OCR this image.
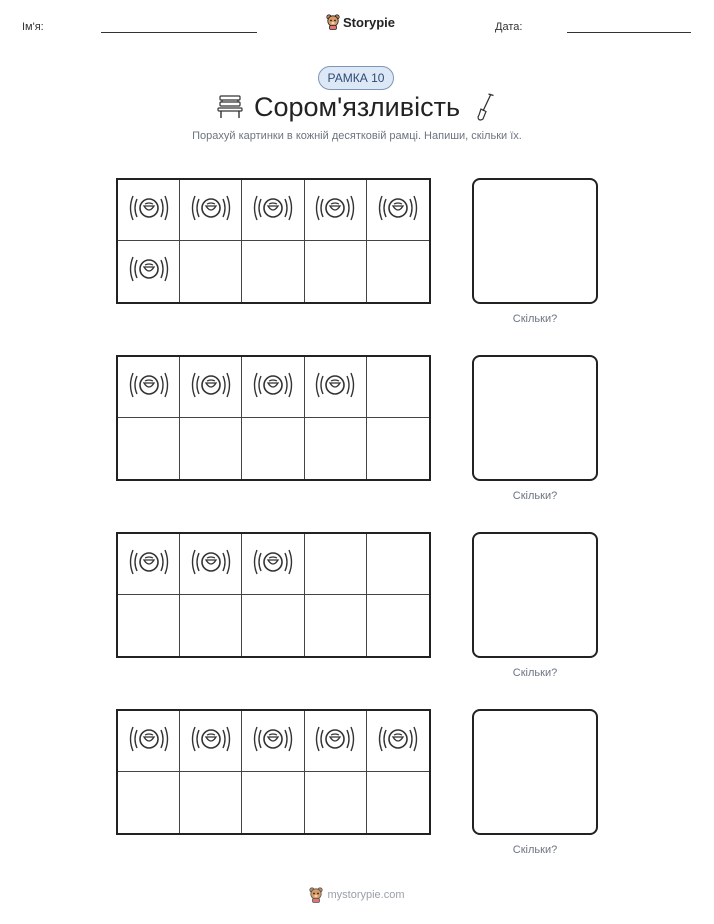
Ім'я:	Storypie	Дата:
РАМКА 10
Сором'язливість
Порахуй картинки в кожній десятковій рамці. Напиши, скільки їх.
Скільки?
Скільки?
Скільки?
Скільки?
mystorypie.com
